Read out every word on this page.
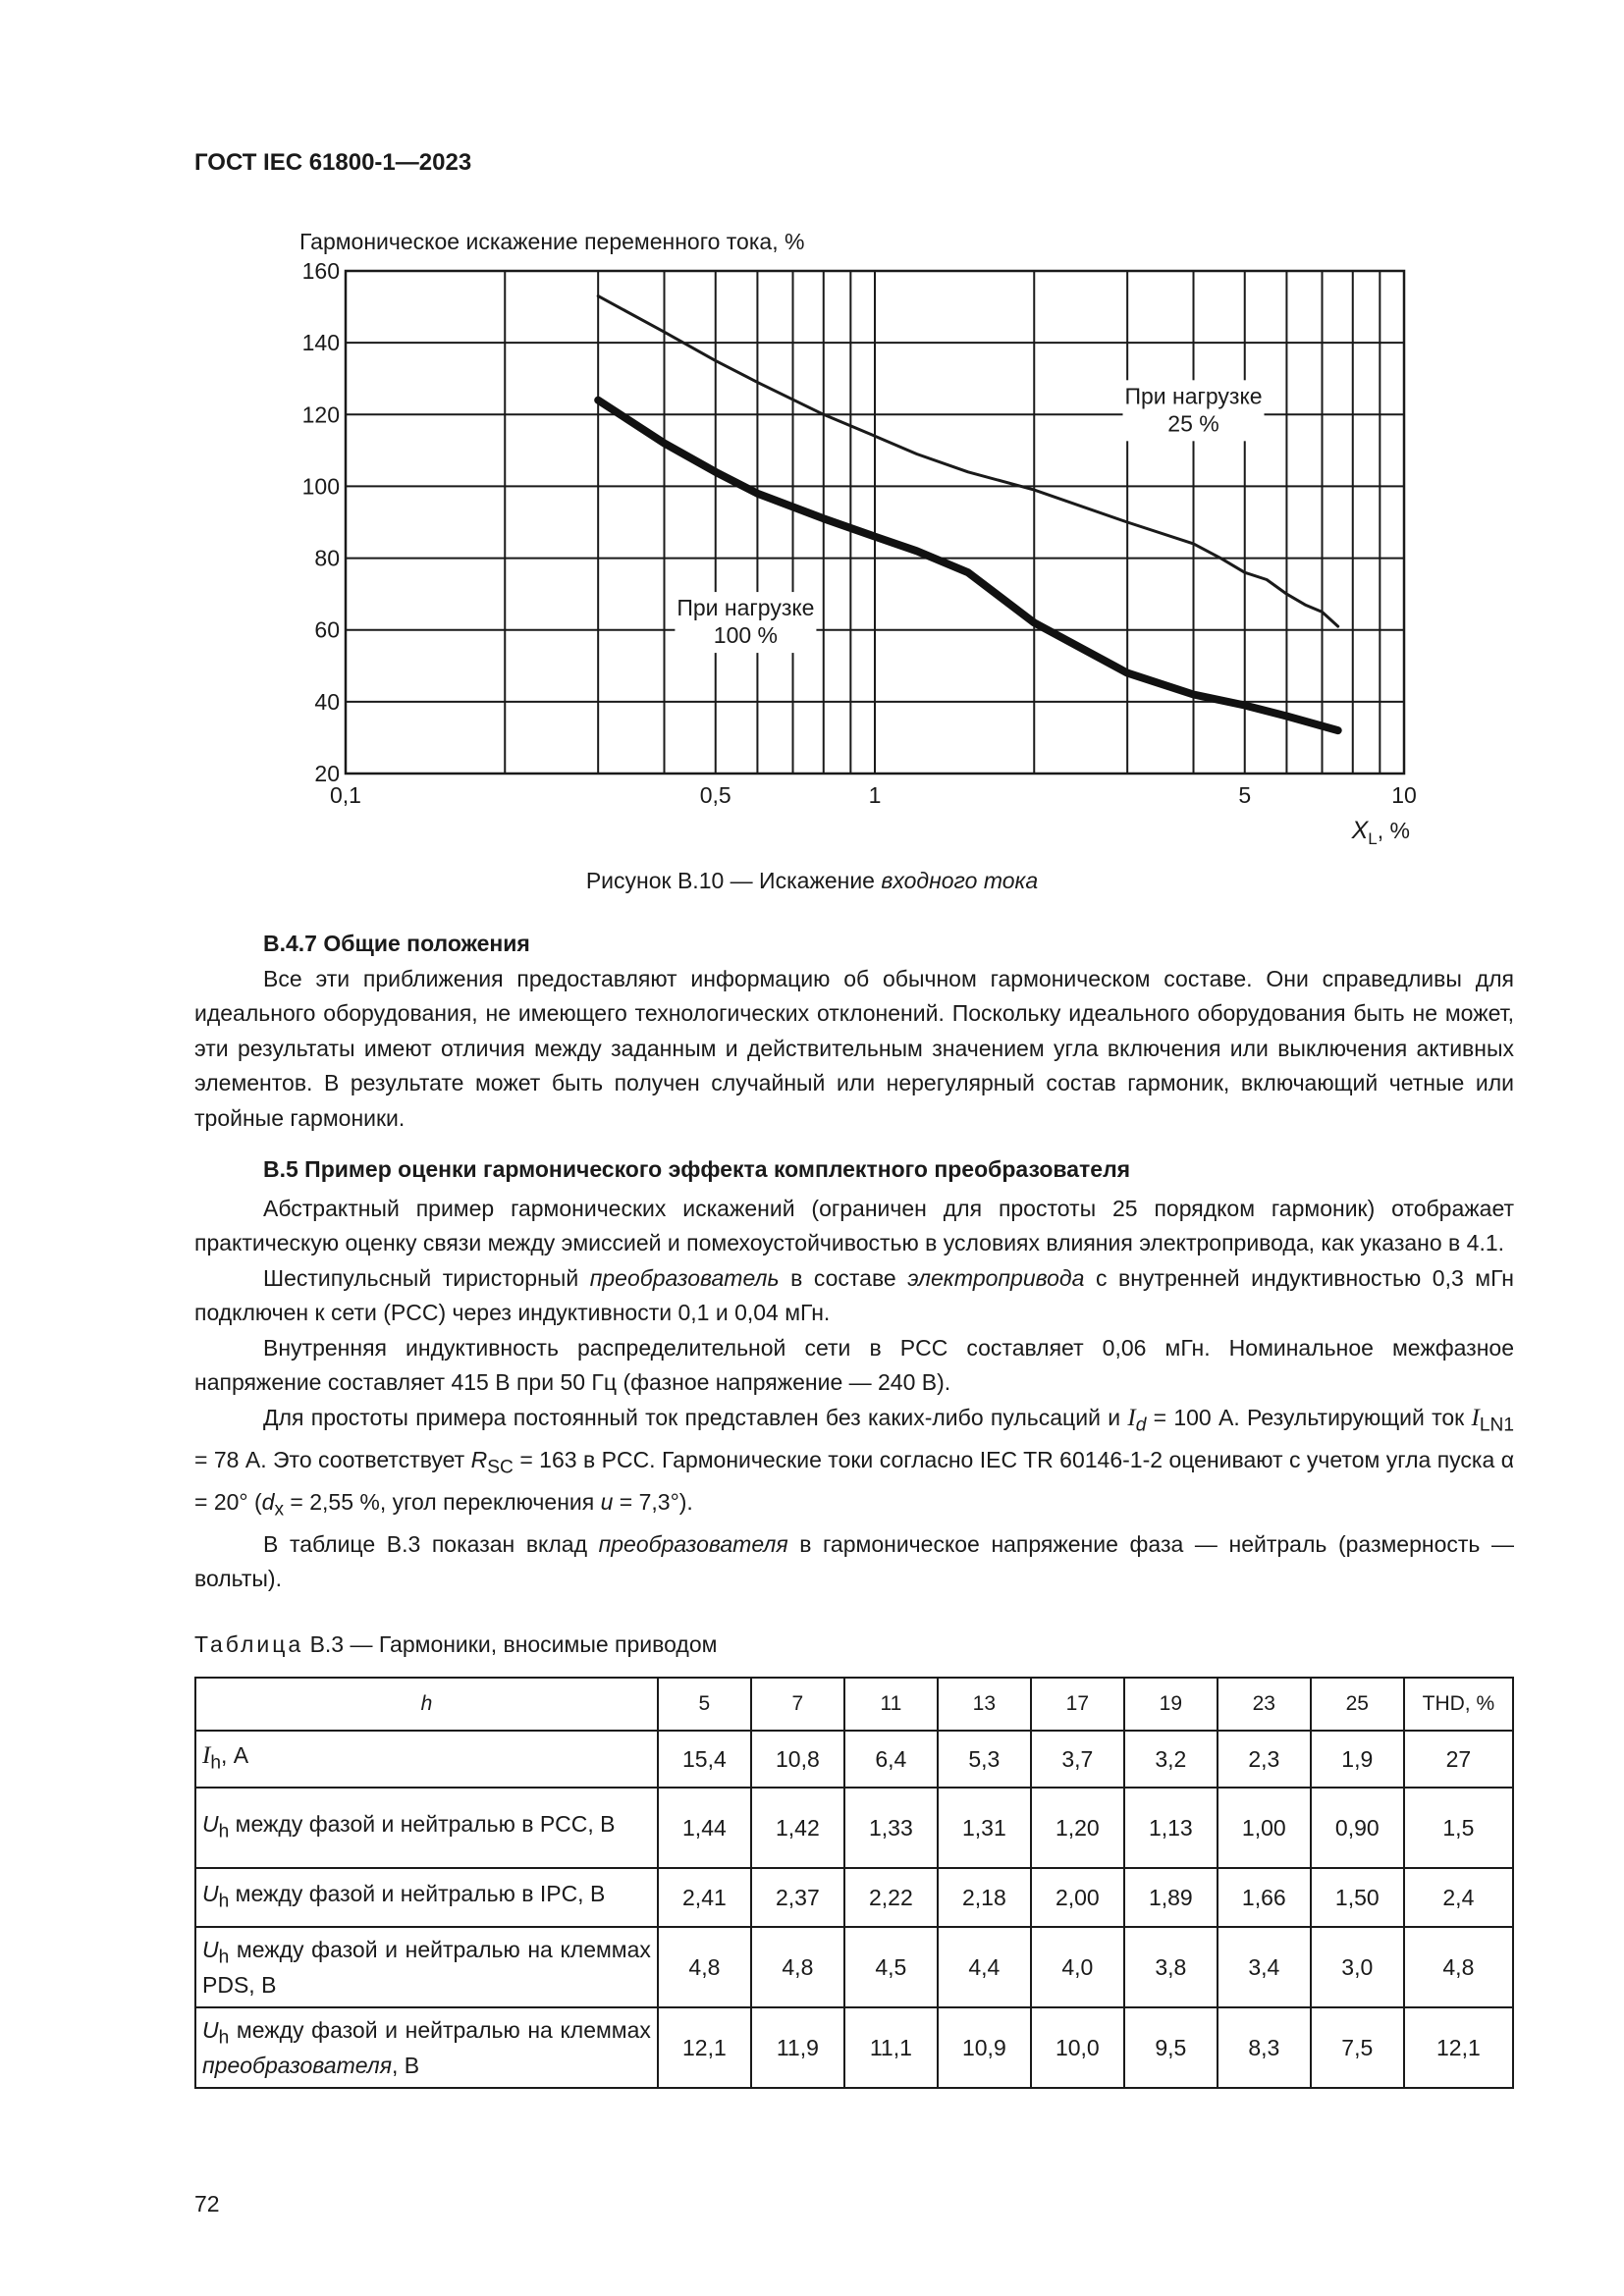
ГОСТ IEC 61800-1—2023
20
40
60
80
100
120
140
160
0,1	0,5	1	5	10
Гармоническое искажение переменного тока, %
$X_L$, %
При нагрузке
25 %
При нагрузке
100 %
Рисунок В.10 — Искажение входного тока
В.4.7 Общие положения

Все эти приближения предоставляют информацию об обычном гармоническом составе. Они справедливы для идеального оборудования, не имеющего технологических отклонений. Поскольку идеального оборудования быть не может, эти результаты имеют отличия между заданным и действительным значением угла включения или выключения активных элементов. В результате может быть получен случайный или нерегулярный состав гармоник, включающий четные или тройные гармоники.

В.5 Пример оценки гармонического эффекта комплектного преобразователя

Абстрактный пример гармонических искажений (ограничен для простоты 25 порядком гармоник) отображает практическую оценку связи между эмиссией и помехоустойчивостью в условиях влияния электропривода, как указано в 4.1.

Шестипульсный тиристорный преобразователь в составе электропривода с внутренней индуктивностью 0,3 мГн подключен к сети (PCC) через индуктивности 0,1 и 0,04 мГн.

Внутренняя индуктивность распределительной сети в PCC составляет 0,06 мГн. Номинальное межфазное напряжение составляет 415 В при 50 Гц (фазное напряжение — 240 В).

Для простоты примера постоянный ток представлен без каких-либо пульсаций и $I_d = 100$ А. Результирующий ток $I_{LN1} = 78$ А. Это соответствует $R_{SC} = 163$ в PCC. Гармонические токи согласно IEC TR 60146-1-2 оценивают с учетом угла пуска α = 20° ($d_x = 2,55$ %, угол переключения u = 7,3°).

В таблице В.3 показан вклад преобразователя в гармоническое напряжение фаза — нейтраль (размерность — вольты).

Таблица В.3 — Гармоники, вносимые приводом
h	5	7	11	13	17	19	23	25	THD, %
$I_h$, А	15,4	10,8	6,4	5,3	3,7	3,2	2,3	1,9	27

$U_h$ между фазой и нейтралью в PCC, В	1,44	1,42	1,33	1,31	1,20	1,13	1,00	0,90	1,5
$U_h$ между фазой и нейтралью в IPC, В	2,41	2,37	2,22	2,18	2,00	1,89	1,66	1,50	2,4

$U_h$ между фазой и нейтралью на клеммах PDS, В	4,8	4,8	4,5	4,4	4,0	3,8	3,4	3,0	4,8

$U_h$ между фазой и нейтралью на клеммах преобразователя, В	12,1	11,9	11,1	10,9	10,0	9,5	8,3	7,5	12,1
72
